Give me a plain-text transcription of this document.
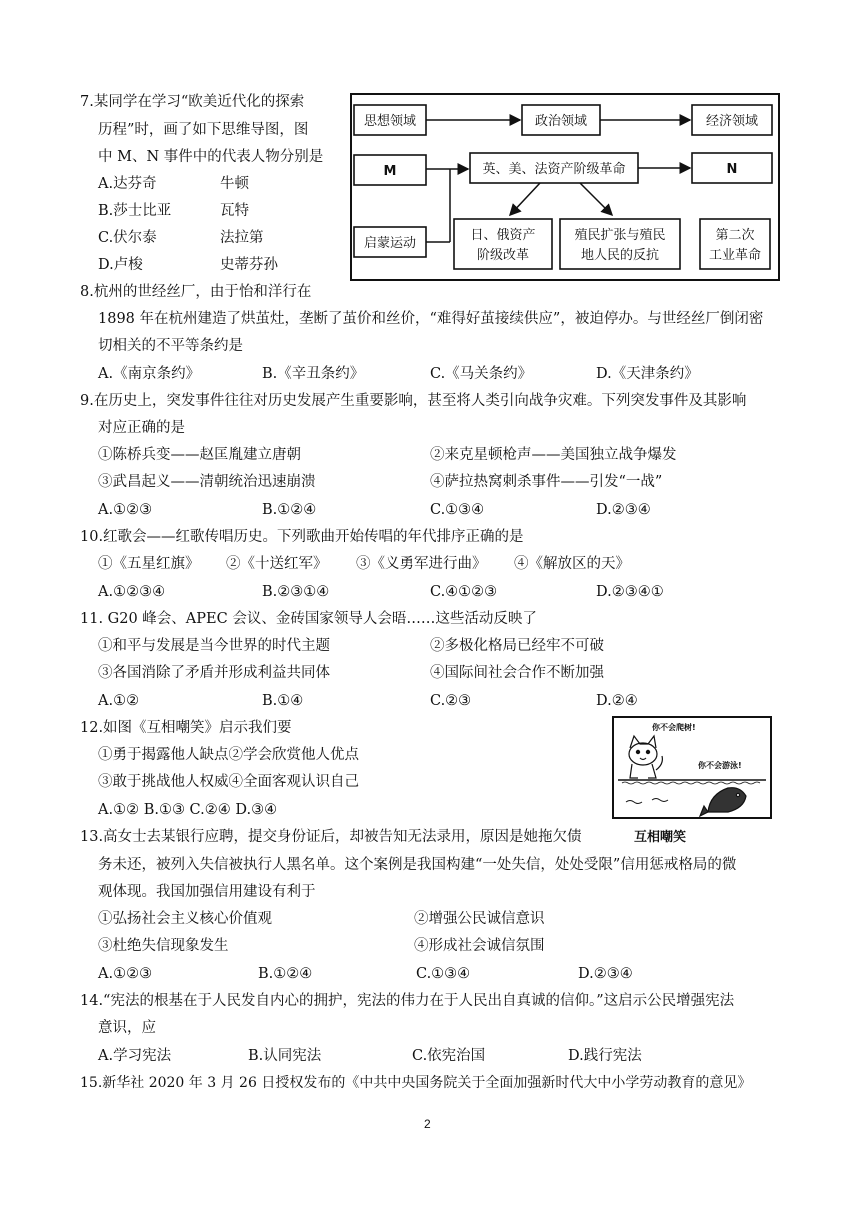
7.某同学在学习“欧美近代化的探索
历程”时，画了如下思维导图，图
中 M、N 事件中的代表人物分别是
A.达芬奇	牛顿
B.莎士比亚	瓦特
C.伏尔泰	法拉第
D.卢梭	史蒂芬孙
思想领域	政治领域	经济领域
M	英、美、法资产阶级革命	N
启蒙运动
日、俄资产
阶级改革
殖民扩张与殖民
地人民的反抗
第二次
工业革命
8.杭州的世经丝厂，由于怡和洋行在
1898 年在杭州建造了烘茧灶，垄断了茧价和丝价，“难得好茧接续供应”，被迫停办。与世经丝厂倒闭密
切相关的不平等条约是
A.《南京条约》	B.《辛丑条约》	C.《马关条约》	D.《天津条约》
9.在历史上，突发事件往往对历史发展产生重要影响，甚至将人类引向战争灾难。下列突发事件及其影响
对应正确的是
①陈桥兵变——赵匡胤建立唐朝	②来克星顿枪声——美国独立战争爆发
③武昌起义——清朝统治迅速崩溃	④萨拉热窝刺杀事件——引发“一战”
A.①②③	B.①②④	C.①③④	D.②③④
10.红歌会——红歌传唱历史。下列歌曲开始传唱的年代排序正确的是
①《五星红旗》 ②《十送红军》 ③《义勇军进行曲》 ④《解放区的天》
A.①②③④	B.②③①④	C.④①②③	D.②③④①
11. G20 峰会、APEC 会议、金砖国家领导人会晤……这些活动反映了
①和平与发展是当今世界的时代主题	②多极化格局已经牢不可破
③各国消除了矛盾并形成利益共同体	④国际间社会合作不断加强
A.①②	B.①④	C.②③	D.②④
12.如图《互相嘲笑》启示我们要
①勇于揭露他人缺点②学会欣赏他人优点
③敢于挑战他人权威④全面客观认识自己
A.①② B.①③ C.②④ D.③④
你不会爬树!
你不会游泳!
互相嘲笑
13.高女士去某银行应聘，提交身份证后，却被告知无法录用，原因是她拖欠债
务未还，被列入失信被执行人黑名单。这个案例是我国构建“一处失信，处处受限”信用惩戒格局的微
观体现。我国加强信用建设有利于
①弘扬社会主义核心价值观	②增强公民诚信意识
③杜绝失信现象发生	④形成社会诚信氛围
A.①②③	B.①②④	C.①③④	D.②③④
14.“宪法的根基在于人民发自内心的拥护，宪法的伟力在于人民出自真诚的信仰。”这启示公民增强宪法
意识，应
A.学习宪法	B.认同宪法	C.依宪治国	D.践行宪法
15.新华社 2020 年 3 月 26 日授权发布的《中共中央国务院关于全面加强新时代大中小学劳动教育的意见》
2
